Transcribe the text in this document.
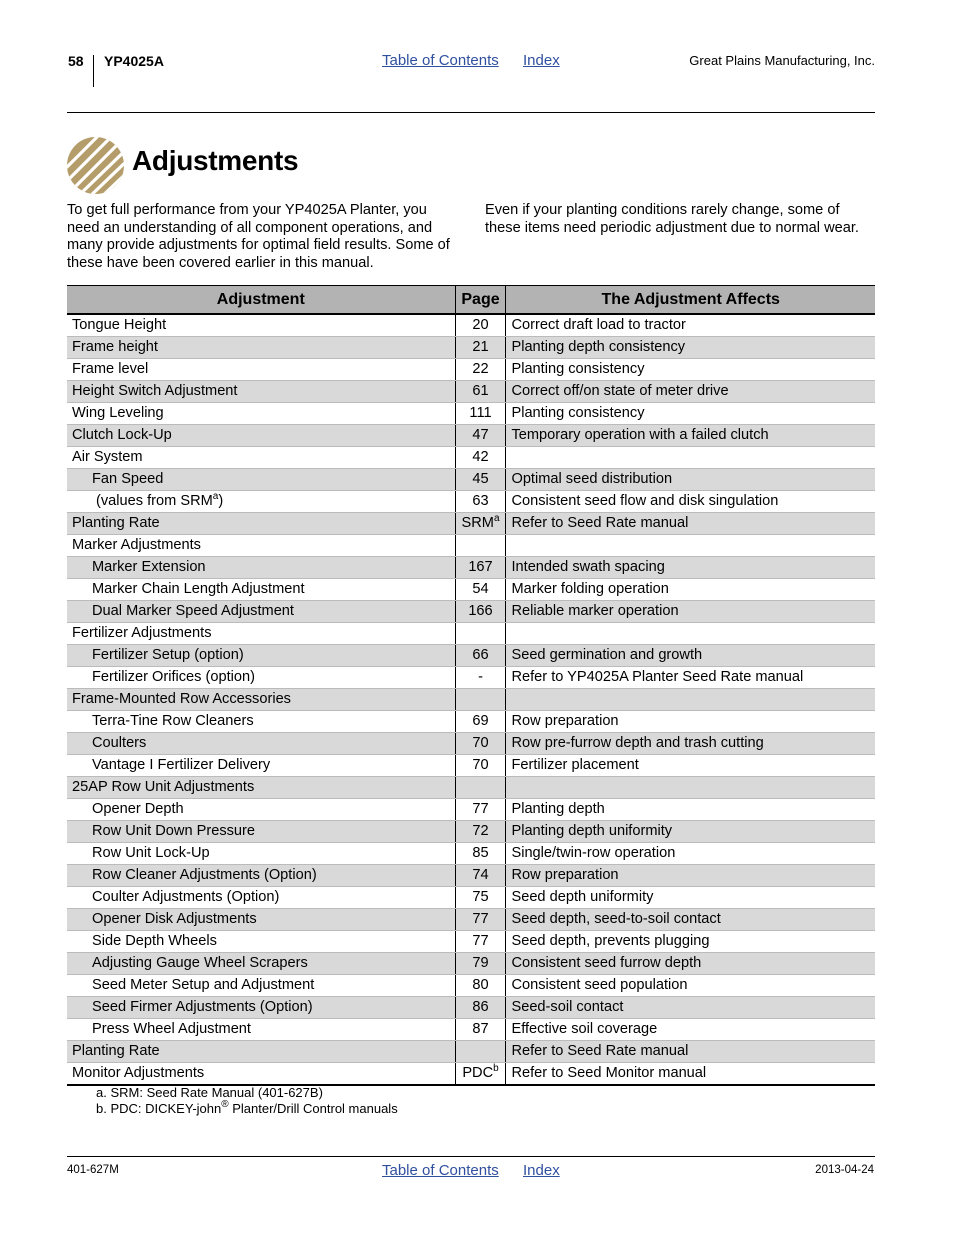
58 YP4025A	Table of Contents Index	Great Plains Manufacturing, Inc.
Adjustments
To get full performance from your YP4025A Planter, you need an understanding of all component operations, and many provide adjustments for optimal field results. Some of these have been covered earlier in this manual.
Even if your planting conditions rarely change, some of these items need periodic adjustment due to normal wear.
Adjustment	Page	The Adjustment Affects
Tongue Height	20	Correct draft load to tractor
Frame height	21	Planting depth consistency
Frame level	22	Planting consistency
Height Switch Adjustment	61	Correct off/on state of meter drive
Wing Leveling	111	Planting consistency
Clutch Lock-Up	47	Temporary operation with a failed clutch
Air System	42	
Fan Speed	45	Optimal seed distribution
(values from SRM$^a$)	63	Consistent seed flow and disk singulation
Planting Rate	SRM$^a$	Refer to Seed Rate manual
Marker Adjustments		
Marker Extension	167	Intended swath spacing
Marker Chain Length Adjustment	54	Marker folding operation
Dual Marker Speed Adjustment	166	Reliable marker operation
Fertilizer Adjustments		
Fertilizer Setup (option)	66	Seed germination and growth
Fertilizer Orifices (option)	-	Refer to YP4025A Planter Seed Rate manual
Frame-Mounted Row Accessories		
Terra-Tine Row Cleaners	69	Row preparation
Coulters	70	Row pre-furrow depth and trash cutting
Vantage I Fertilizer Delivery	70	Fertilizer placement
25AP Row Unit Adjustments		
Opener Depth	77	Planting depth
Row Unit Down Pressure	72	Planting depth uniformity
Row Unit Lock-Up	85	Single/twin-row operation
Row Cleaner Adjustments (Option)	74	Row preparation
Coulter Adjustments (Option)	75	Seed depth uniformity
Opener Disk Adjustments	77	Seed depth, seed-to-soil contact
Side Depth Wheels	77	Seed depth, prevents plugging
Adjusting Gauge Wheel Scrapers	79	Consistent seed furrow depth
Seed Meter Setup and Adjustment	80	Consistent seed population
Seed Firmer Adjustments (Option)	86	Seed-soil contact
Press Wheel Adjustment	87	Effective soil coverage
Planting Rate		Refer to Seed Rate manual
Monitor Adjustments	PDC$^b$	Refer to Seed Monitor manual
a. SRM: Seed Rate Manual (401-627B)
b. PDC: DICKEY-john® Planter/Drill Control manuals
401-627M	Table of Contents Index	2013-04-24
